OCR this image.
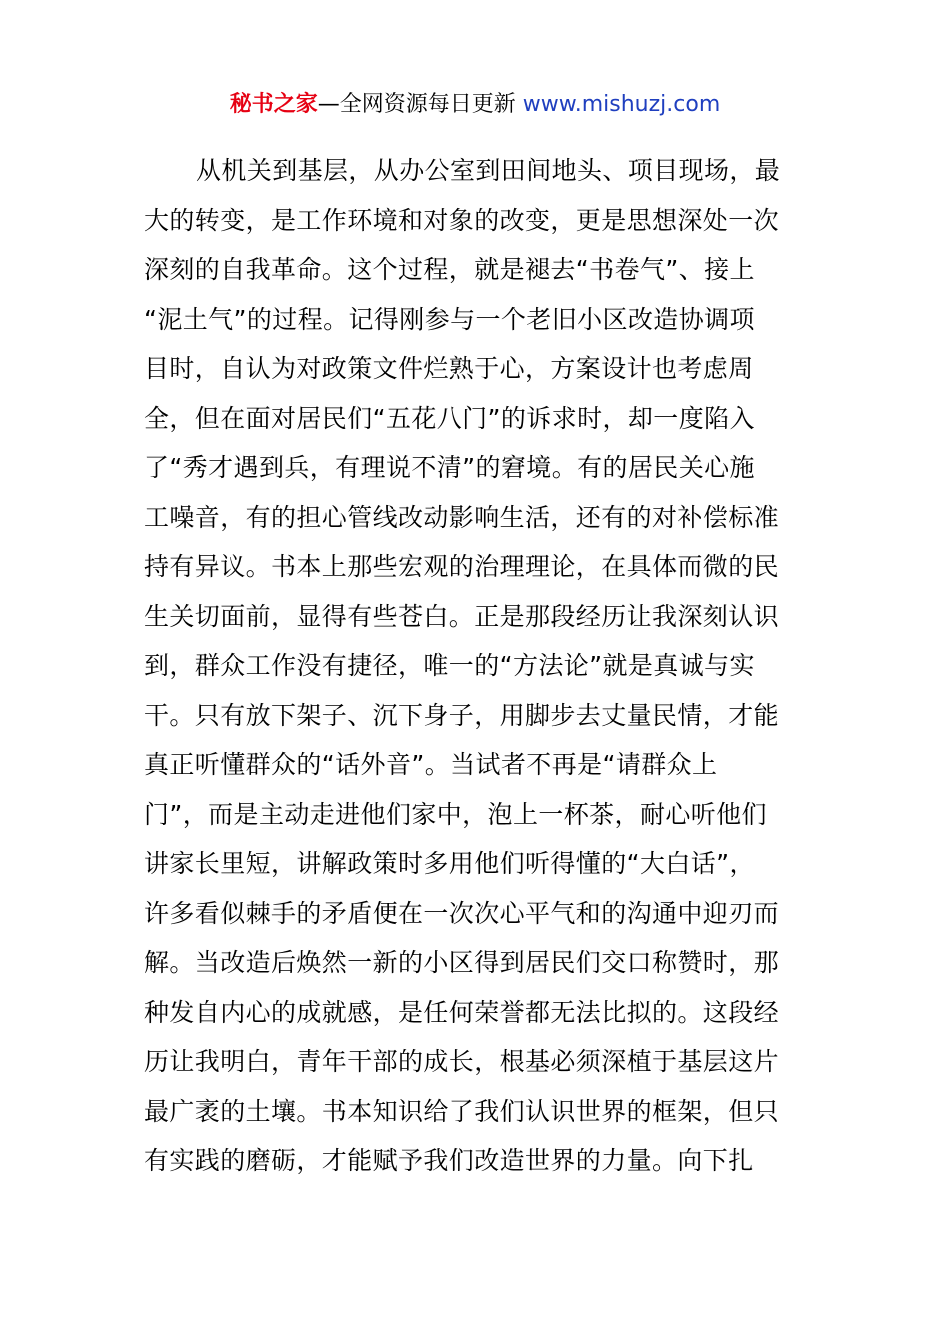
秘书之家—全网资源每日更新 www.mishuzj.com
从机关到基层，从办公室到田间地头、项目现场，最
大的转变，是工作环境和对象的改变，更是思想深处一次
深刻的自我革命。这个过程，就是褪去“书卷气”、接上
“泥土气”的过程。记得刚参与一个老旧小区改造协调项
目时，自认为对政策文件烂熟于心，方案设计也考虑周
全，但在面对居民们“五花八门”的诉求时，却一度陷入
了“秀才遇到兵，有理说不清”的窘境。有的居民关心施
工噪音，有的担心管线改动影响生活，还有的对补偿标准
持有异议。书本上那些宏观的治理理论，在具体而微的民
生关切面前，显得有些苍白。正是那段经历让我深刻认识
到，群众工作没有捷径，唯一的“方法论”就是真诚与实
干。只有放下架子、沉下身子，用脚步去丈量民情，才能
真正听懂群众的“话外音”。当试者不再是“请群众上
门”，而是主动走进他们家中，泡上一杯茶，耐心听他们
讲家长里短，讲解政策时多用他们听得懂的“大白话”，
许多看似棘手的矛盾便在一次次心平气和的沟通中迎刃而
解。当改造后焕然一新的小区得到居民们交口称赞时，那
种发自内心的成就感，是任何荣誉都无法比拟的。这段经
历让我明白，青年干部的成长，根基必须深植于基层这片
最广袤的土壤。书本知识给了我们认识世界的框架，但只
有实践的磨砺，才能赋予我们改造世界的力量。向下扎
